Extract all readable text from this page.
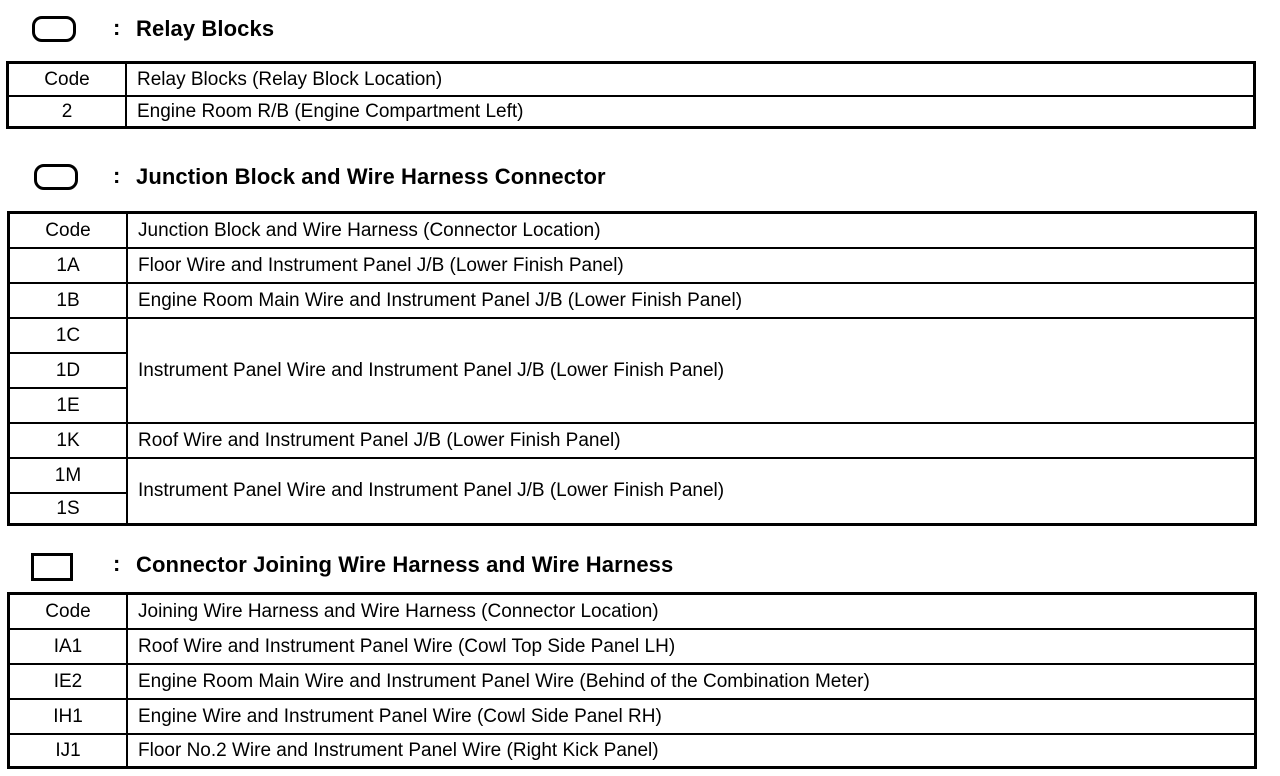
: Relay Blocks
Code	Relay Blocks (Relay Block Location)
2	Engine Room R/B (Engine Compartment Left)
: Junction Block and Wire Harness Connector
Code	Junction Block and Wire Harness (Connector Location)
1A	Floor Wire and Instrument Panel J/B (Lower Finish Panel)
1B	Engine Room Main Wire and Instrument Panel J/B (Lower Finish Panel)
1C	Instrument Panel Wire and Instrument Panel J/B (Lower Finish Panel)
1D	
1E	
1K	Roof Wire and Instrument Panel J/B (Lower Finish Panel)
1M	Instrument Panel Wire and Instrument Panel J/B (Lower Finish Panel)
1S	
: Connector Joining Wire Harness and Wire Harness
Code	Joining Wire Harness and Wire Harness (Connector Location)
IA1	Roof Wire and Instrument Panel Wire (Cowl Top Side Panel LH)
IE2	Engine Room Main Wire and Instrument Panel Wire (Behind of the Combination Meter)
IH1	Engine Wire and Instrument Panel Wire (Cowl Side Panel RH)
IJ1	Floor No.2 Wire and Instrument Panel Wire (Right Kick Panel)
